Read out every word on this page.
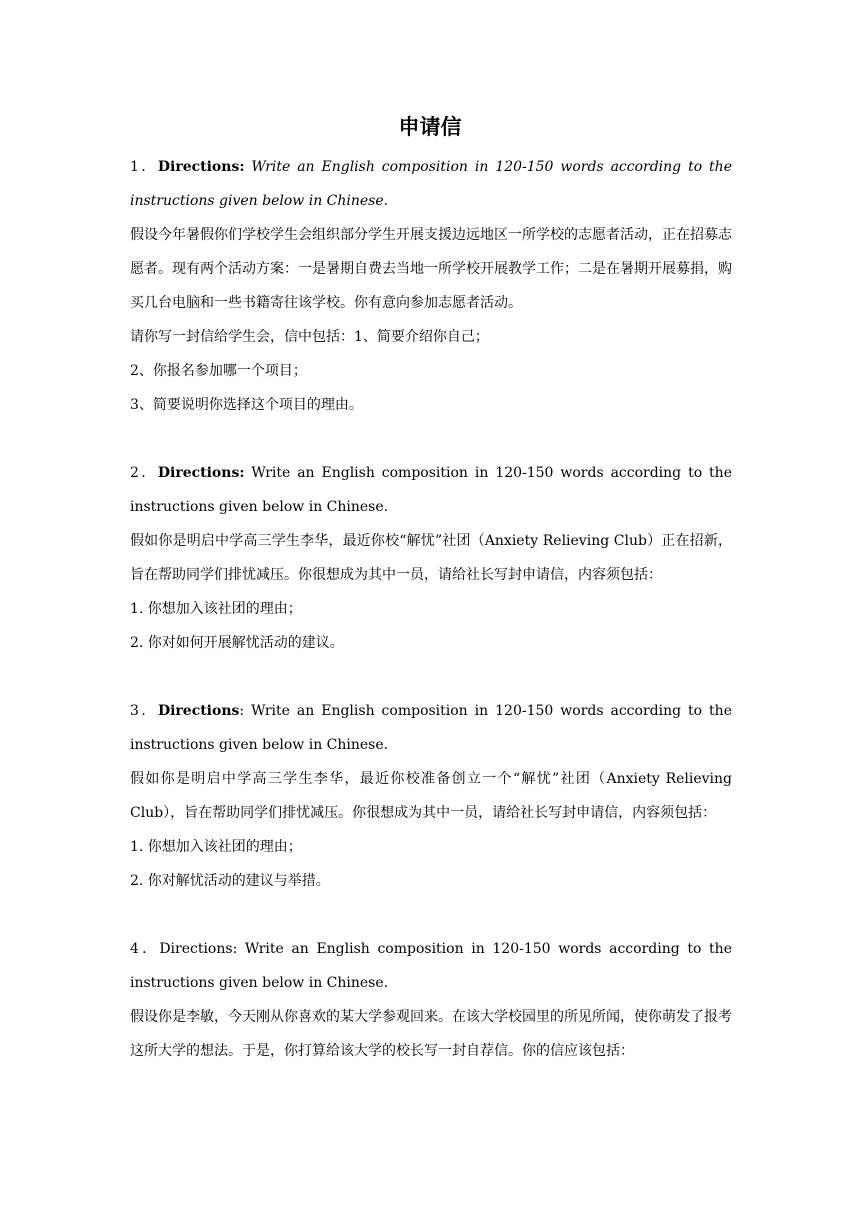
申请信

1．Directions: Write an English composition in 120-150 words according to the instructions given below in Chinese.

假设今年暑假你们学校学生会组织部分学生开展支援边远地区一所学校的志愿者活动，正在招募志愿者。现有两个活动方案：一是暑期自费去当地一所学校开展教学工作；二是在暑期开展募捐，购买几台电脑和一些书籍寄往该学校。你有意向参加志愿者活动。

请你写一封信给学生会，信中包括：1、简要介绍你自己；

2、你报名参加哪一个项目；

3、简要说明你选择这个项目的理由。

2．Directions: Write an English composition in 120-150 words according to the instructions given below in Chinese.

假如你是明启中学高三学生李华，最近你校“解忧”社团（Anxiety Relieving Club）正在招新，旨在帮助同学们排忧减压。你很想成为其中一员，请给社长写封申请信，内容须包括：

1. 你想加入该社团的理由；

2. 你对如何开展解忧活动的建议。

3．Directions: Write an English composition in 120-150 words according to the instructions given below in Chinese.

假如你是明启中学高三学生李华，最近你校准备创立一个“解忧”社团（Anxiety Relieving Club），旨在帮助同学们排忧减压。你很想成为其中一员，请给社长写封申请信，内容须包括：

1. 你想加入该社团的理由；

2. 你对解忧活动的建议与举措。

4．Directions: Write an English composition in 120-150 words according to the instructions given below in Chinese.

假设你是李敏，今天刚从你喜欢的某大学参观回来。在该大学校园里的所见所闻，使你萌发了报考这所大学的想法。于是，你打算给该大学的校长写一封自荐信。你的信应该包括：
